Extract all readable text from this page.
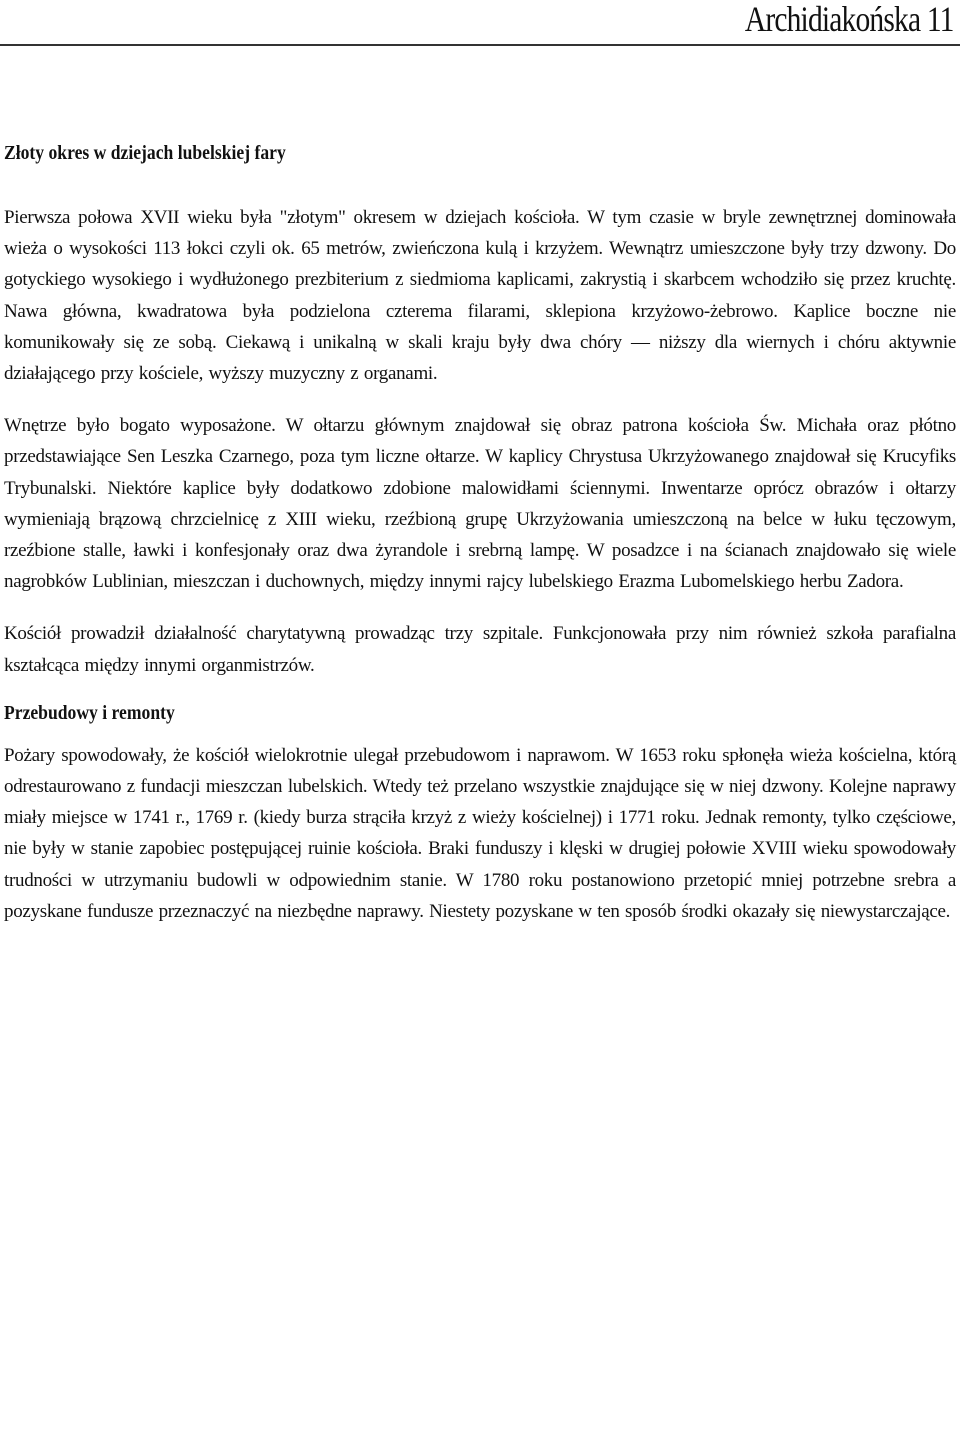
Archidiakońska 11
Złoty okres w dziejach lubelskiej fary

Pierwsza połowa XVII wieku była "złotym" okresem w dziejach kościoła. W tym czasie w bryle zewnętrznej dominowała wieża o wysokości 113 łokci czyli ok. 65 metrów, zwieńczona kulą i krzyżem. Wewnątrz umieszczone były trzy dzwony. Do gotyckiego wysokiego i wydłużonego prezbiterium z siedmioma kaplicami, zakrystią i skarbcem wchodziło się przez kruchtę. Nawa główna, kwadratowa była podzielona czterema filarami, sklepiona krzyżowo-żebrowo. Kaplice boczne nie komunikowały się ze sobą. Ciekawą i unikalną w skali kraju były dwa chóry — niższy dla wiernych i chóru aktywnie działającego przy kościele, wyższy muzyczny z organami.

Wnętrze było bogato wyposażone. W ołtarzu głównym znajdował się obraz patrona kościoła Św. Michała oraz płótno przedstawiające Sen Leszka Czarnego, poza tym liczne ołtarze. W kaplicy Chrystusa Ukrzyżowanego znajdował się Krucyfiks Trybunalski. Niektóre kaplice były dodatkowo zdobione malowidłami ściennymi. Inwentarze oprócz obrazów i ołtarzy wymieniają brązową chrzcielnicę z XIII wieku, rzeźbioną grupę Ukrzyżowania umieszczoną na belce w łuku tęczowym, rzeźbione stalle, ławki i konfesjonały oraz dwa żyrandole i srebrną lampę. W posadzce i na ścianach znajdowało się wiele nagrobków Lublinian, mieszczan i duchownych, między innymi rajcy lubelskiego Erazma Lubomelskiego herbu Zadora.

Kościół prowadził działalność charytatywną prowadząc trzy szpitale. Funkcjonowała przy nim również szkoła parafialna kształcąca między innymi organmistrzów.

Przebudowy i remonty

Pożary spowodowały, że kościół wielokrotnie ulegał przebudowom i naprawom. W 1653 roku spłonęła wieża kościelna, którą odrestaurowano z fundacji mieszczan lubelskich. Wtedy też przelano wszystkie znajdujące się w niej dzwony. Kolejne naprawy miały miejsce w 1741 r., 1769 r. (kiedy burza strąciła krzyż z wieży kościelnej) i 1771 roku. Jednak remonty, tylko częściowe, nie były w stanie zapobiec postępującej ruinie kościoła. Braki funduszy i klęski w drugiej połowie XVIII wieku spowodowały trudności w utrzymaniu budowli w odpowiednim stanie. W 1780 roku postanowiono przetopić mniej potrzebne srebra a pozyskane fundusze przeznaczyć na niezbędne naprawy. Niestety pozyskane w ten sposób środki okazały się niewystarczające.
